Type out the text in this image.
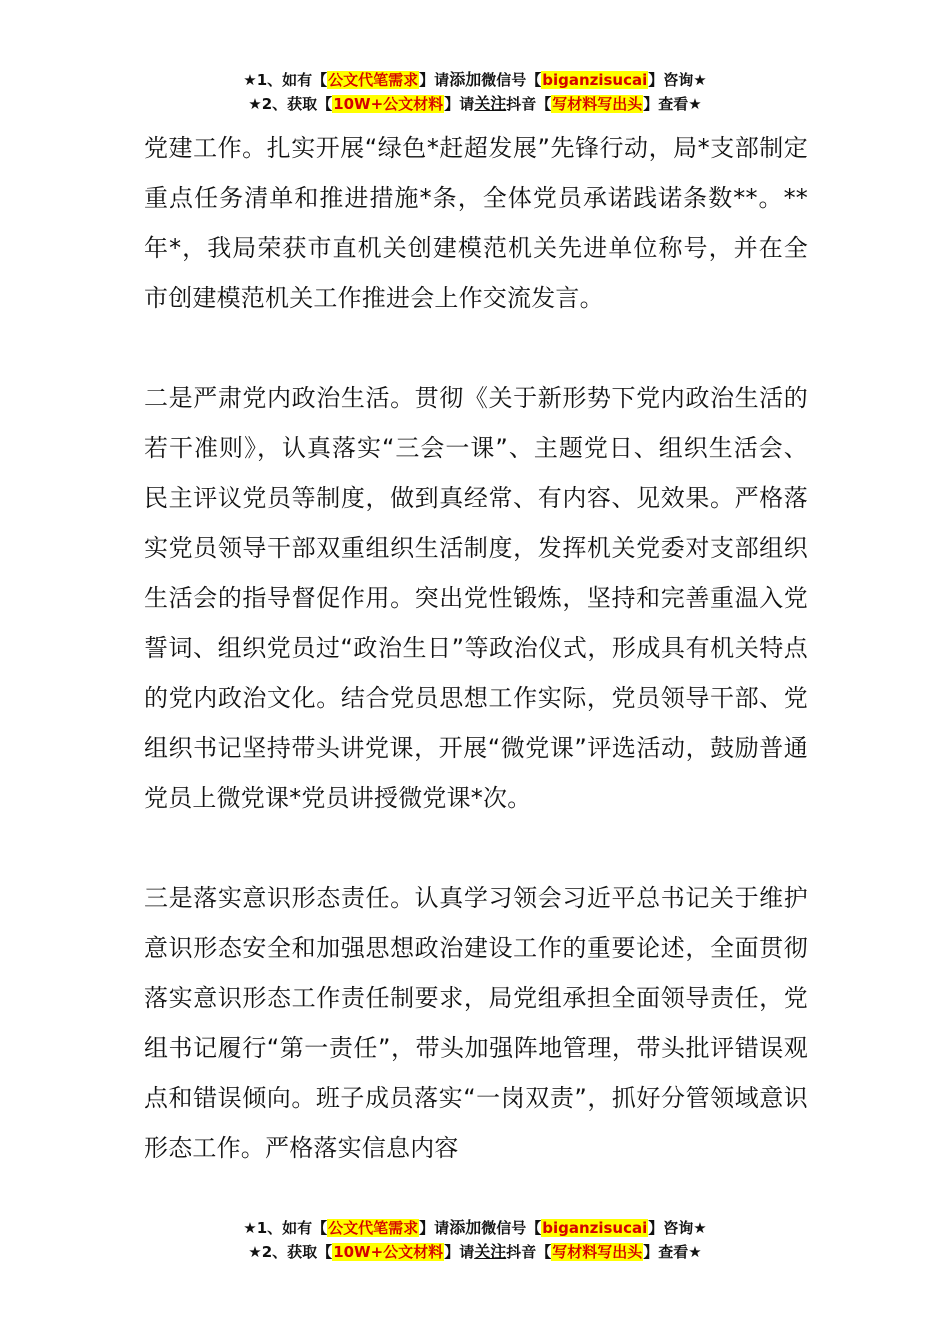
★1、如有【公文代笔需求】请添加微信号【biganzisucai】咨询★
★2、获取【10W+公文材料】请关注抖音【写材料写出头】查看★

党建工作。扎实开展“绿色*赶超发展”先锋行动，局*支部制定重点任务清单和推进措施*条，全体党员承诺践诺条数**。**年*，我局荣获市直机关创建模范机关先进单位称号，并在全市创建模范机关工作推进会上作交流发言。

二是严肃党内政治生活。贯彻《关于新形势下党内政治生活的若干准则》，认真落实“三会一课”、主题党日、组织生活会、民主评议党员等制度，做到真经常、有内容、见效果。严格落实党员领导干部双重组织生活制度，发挥机关党委对支部组织生活会的指导督促作用。突出党性锻炼，坚持和完善重温入党誓词、组织党员过“政治生日”等政治仪式，形成具有机关特点的党内政治文化。结合党员思想工作实际，党员领导干部、党组织书记坚持带头讲党课，开展“微党课”评选活动，鼓励普通党员上微党课*党员讲授微党课*次。

三是落实意识形态责任。认真学习领会习近平总书记关于维护意识形态安全和加强思想政治建设工作的重要论述，全面贯彻落实意识形态工作责任制要求，局党组承担全面领导责任，党组书记履行“第一责任”，带头加强阵地管理，带头批评错误观点和错误倾向。班子成员落实“一岗双责”，抓好分管领域意识形态工作。严格落实信息内容

★1、如有【公文代笔需求】请添加微信号【biganzisucai】咨询★
★2、获取【10W+公文材料】请关注抖音【写材料写出头】查看★
